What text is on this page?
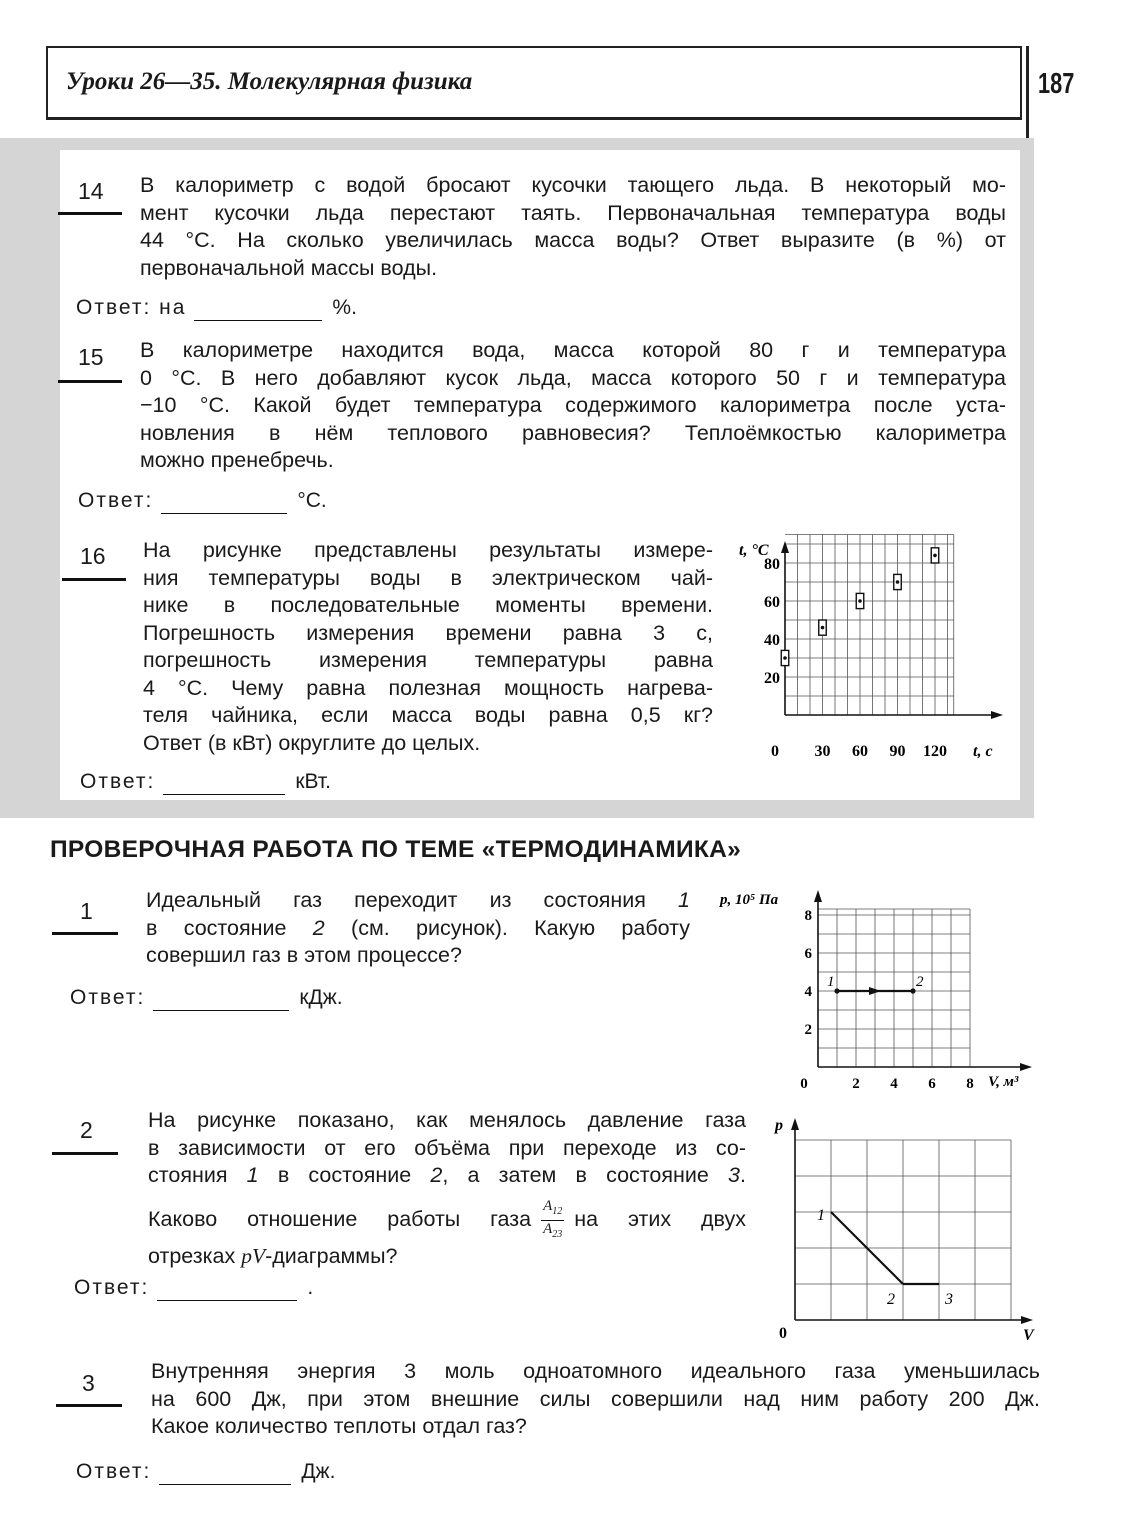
Уроки 26—35. Молекулярная физика	187
14 В калориметр с водой бросают кусочки тающего льда. В некоторый мо-
мент кусочки льда перестают таять. Первоначальная температура воды
44 °С. На сколько увеличилась масса воды? Ответ выразите (в %) от
первоначальной массы воды.
Ответ: на	%.
15 В калориметре находится вода, масса которой 80 г и температура
0 °С. В него добавляют кусок льда, масса которого 50 г и температура
−10 °С. Какой будет температура содержимого калориметра после уста-
новления в нём теплового равновесия? Теплоёмкостью калориметра
можно пренебречь.
Ответ:	°С.
16 На рисунке представлены результаты измере-
ния температуры воды в электрическом чай-
нике в последовательные моменты времени.
Погрешность измерения времени равна 3 с,
погрешность измерения температуры равна
4 °С. Чему равна полезная мощность нагрева-
теля чайника, если масса воды равна 0,5 кг?
Ответ (в кВт) округлите до целых.
Ответ:	кВт.
t, °C
t, c
0 30 60 90 120
20
40
60
80
ПРОВЕРОЧНАЯ РАБОТА ПО ТЕМЕ «ТЕРМОДИНАМИКА»
1 Идеальный газ переходит из состояния 1
в состояние 2 (см. рисунок). Какую работу
совершил газ в этом процессе?
Ответ:	кДж.
p, 10⁵ Па
V, м³
0	2 4 6 8
2
4
6
8
1	2
2	На рисунке показано, как менялось давление газа
в зависимости от его объёма при переходе из со-
стояния 1 в состояние 2, а затем в состояние 3.
Каково отношение работы газа $\frac{A_{12}}{A_{23}}$ на этих двух
отрезках pV-диаграммы?
Ответ:	.
p
V
0
1
2	3
3	Внутренняя энергия 3 моль одноатомного идеального газа уменьшилась
на 600 Дж, при этом внешние силы совершили над ним работу 200 Дж.
Какое количество теплоты отдал газ?
Ответ:	Дж.
